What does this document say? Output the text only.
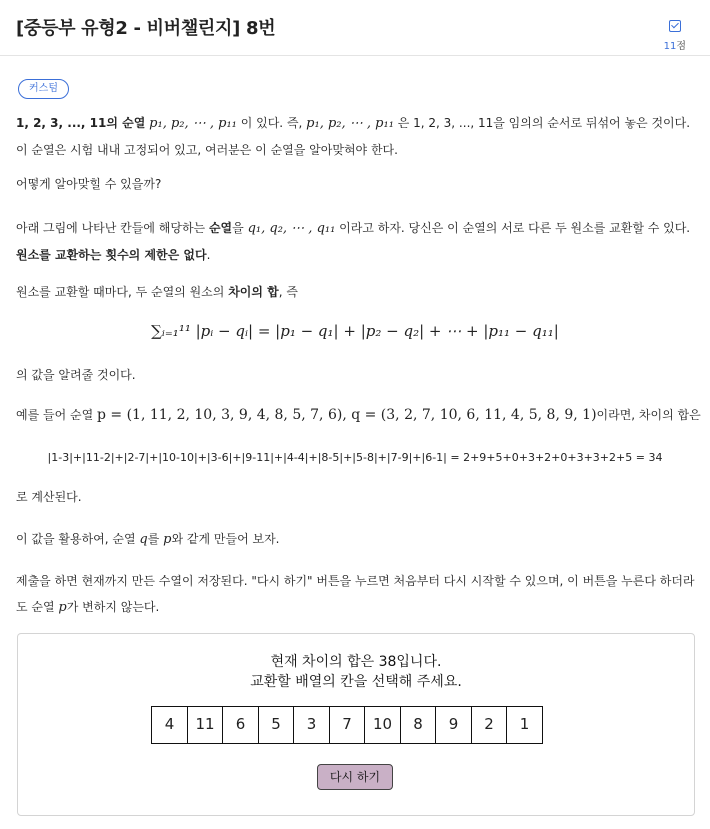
[중등부 유형2 - 비버챌린지] 8번
11점
커스텀
1, 2, 3, ..., 11의 순열 p₁, p₂, ⋯ , p₁₁ 이 있다. 즉, p₁, p₂, ⋯ , p₁₁ 은 1, 2, 3, ..., 11을 임의의 순서로 뒤섞어 놓은 것이다. 이 순열은 시험 내내 고정되어 있고, 여러분은 이 순열을 알아맞혀야 한다.
어떻게 알아맞힐 수 있을까?
아래 그림에 나타난 칸들에 해당하는 순열을 q₁, q₂, ⋯ , q₁₁ 이라고 하자. 당신은 이 순열의 서로 다른 두 원소를 교환할 수 있다. 원소를 교환하는 횟수의 제한은 없다.
원소를 교환할 때마다, 두 순열의 원소의 차이의 합, 즉
∑ᵢ₌₁¹¹ |pᵢ − qᵢ| = |p₁ − q₁| + |p₂ − q₂| + ⋯ + |p₁₁ − q₁₁|
의 값을 알려줄 것이다.
예를 들어 순열 p = (1, 11, 2, 10, 3, 9, 4, 8, 5, 7, 6), q = (3, 2, 7, 10, 6, 11, 4, 5, 8, 9, 1)이라면, 차이의 합은
|1-3|+|11-2|+|2-7|+|10-10|+|3-6|+|9-11|+|4-4|+|8-5|+|5-8|+|7-9|+|6-1| = 2+9+5+0+3+2+0+3+3+2+5 = 34
로 계산된다.
이 값을 활용하여, 순열 q를 p와 같게 만들어 보자.
제출을 하면 현재까지 만든 수열이 저장된다. "다시 하기" 버튼을 누르면 처음부터 다시 시작할 수 있으며, 이 버튼을 누른다 하더라도 순열 p가 변하지 않는다.
현재 차이의 합은 38입니다.
교환할 배열의 칸을 선택해 주세요.
4	11	6	5	3	7	10	8	9	2	1
다시 하기
